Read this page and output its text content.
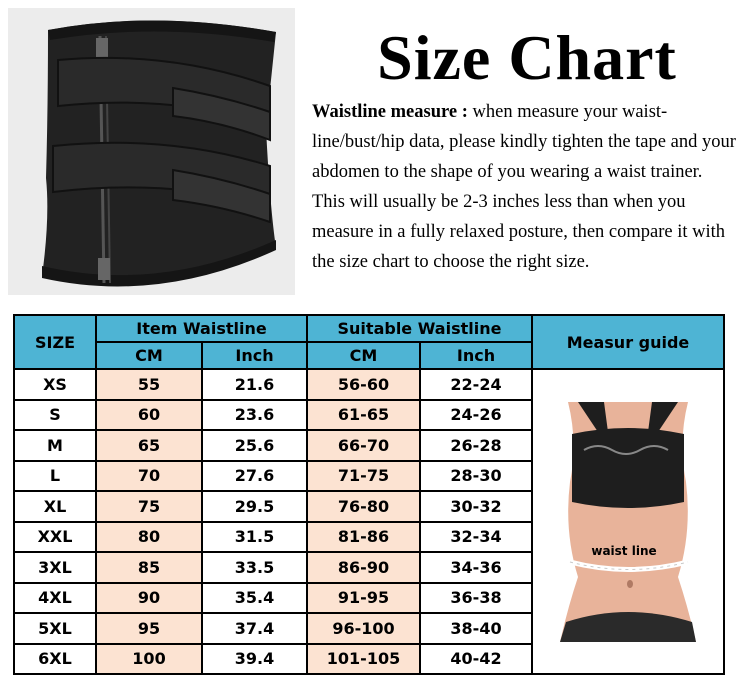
Size Chart
Waistline measure : when measure your waist-line/bust/hip data, please kindly tighten the tape and your abdomen to the shape of you wearing a waist trainer. This will usually be 2-3 inches less than when you measure in a fully relaxed posture, then compare it with the size chart to choose the right size.
SIZE	Item Waistline		Suitable Waistline		Measur guide
	CM	Inch	CM	Inch	
XS	55	21.6	56-60	22-24	waist line

S	60	23.6	61-65	24-26	
M	65	25.6	66-70	26-28	
L	70	27.6	71-75	28-30	
XL	75	29.5	76-80	30-32	
XXL	80	31.5	81-86	32-34	
3XL	85	33.5	86-90	34-36	
4XL	90	35.4	91-95	36-38	
5XL	95	37.4	96-100	38-40	
6XL	100	39.4	101-105	40-42	
